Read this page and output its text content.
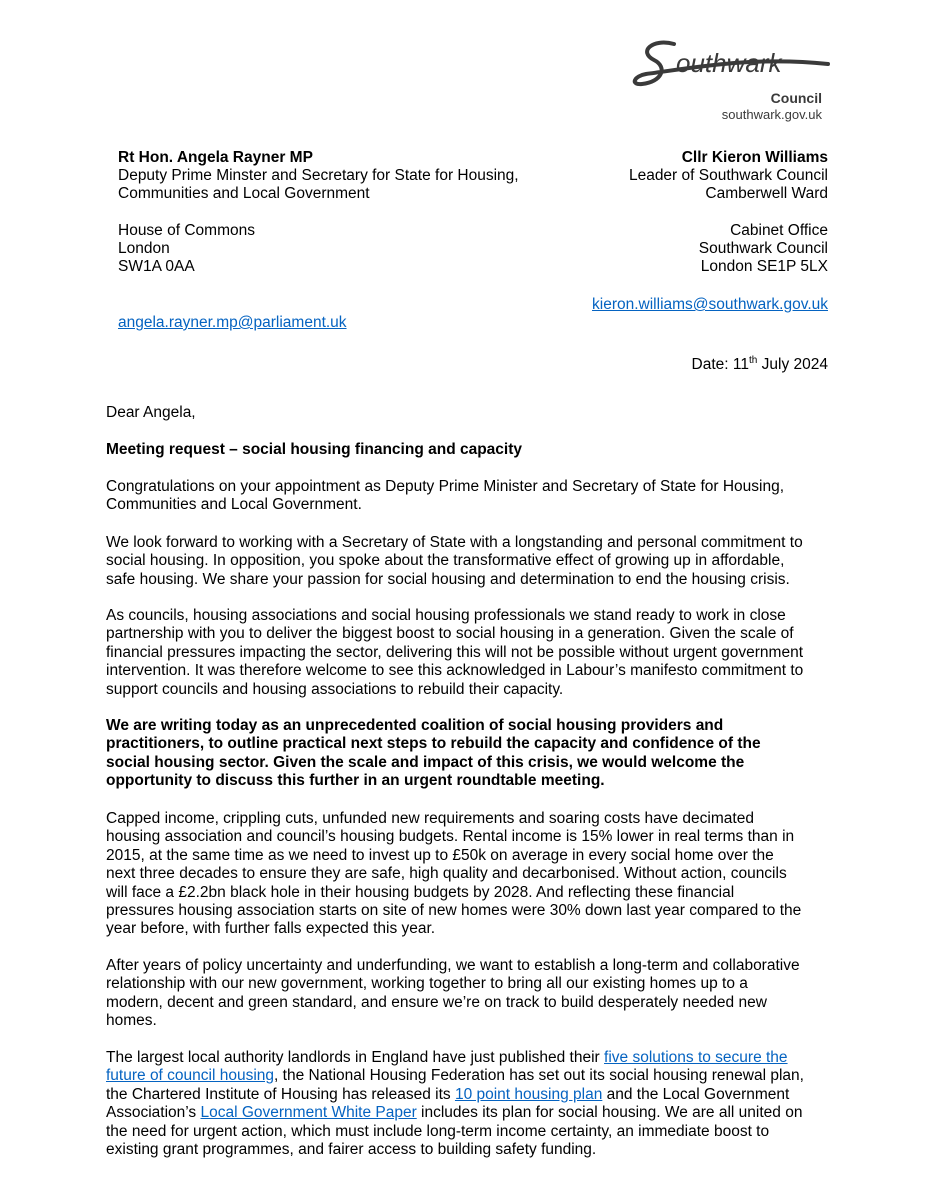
outhwark
Council
southwark.gov.uk
Rt Hon. Angela Rayner MP
Deputy Prime Minster and Secretary for State for Housing,
Communities and Local Government
House of Commons
London
SW1A 0AA
angela.rayner.mp@parliament.uk
Cllr Kieron Williams
Leader of Southwark Council
Camberwell Ward
Cabinet Office
Southwark Council
London SE1P 5LX
kieron.williams@southwark.gov.uk
Date: 11th July 2024
Dear Angela,
Meeting request – social housing financing and capacity
Congratulations on your appointment as Deputy Prime Minister and Secretary of State for Housing,
Communities and Local Government.
We look forward to working with a Secretary of State with a longstanding and personal commitment to
social housing. In opposition, you spoke about the transformative effect of growing up in affordable,
safe housing. We share your passion for social housing and determination to end the housing crisis.
As councils, housing associations and social housing professionals we stand ready to work in close
partnership with you to deliver the biggest boost to social housing in a generation. Given the scale of
financial pressures impacting the sector, delivering this will not be possible without urgent government
intervention. It was therefore welcome to see this acknowledged in Labour’s manifesto commitment to
support councils and housing associations to rebuild their capacity.
We are writing today as an unprecedented coalition of social housing providers and
practitioners, to outline practical next steps to rebuild the capacity and confidence of the
social housing sector. Given the scale and impact of this crisis, we would welcome the
opportunity to discuss this further in an urgent roundtable meeting.
Capped income, crippling cuts, unfunded new requirements and soaring costs have decimated
housing association and council’s housing budgets. Rental income is 15% lower in real terms than in
2015, at the same time as we need to invest up to £50k on average in every social home over the
next three decades to ensure they are safe, high quality and decarbonised. Without action, councils
will face a £2.2bn black hole in their housing budgets by 2028. And reflecting these financial
pressures housing association starts on site of new homes were 30% down last year compared to the
year before, with further falls expected this year.
After years of policy uncertainty and underfunding, we want to establish a long-term and collaborative
relationship with our new government, working together to bring all our existing homes up to a
modern, decent and green standard, and ensure we’re on track to build desperately needed new
homes.
The largest local authority landlords in England have just published their five solutions to secure the
future of council housing, the National Housing Federation has set out its social housing renewal plan,
the Chartered Institute of Housing has released its 10 point housing plan and the Local Government
Association’s Local Government White Paper includes its plan for social housing. We are all united on
the need for urgent action, which must include long-term income certainty, an immediate boost to
existing grant programmes, and fairer access to building safety funding.
